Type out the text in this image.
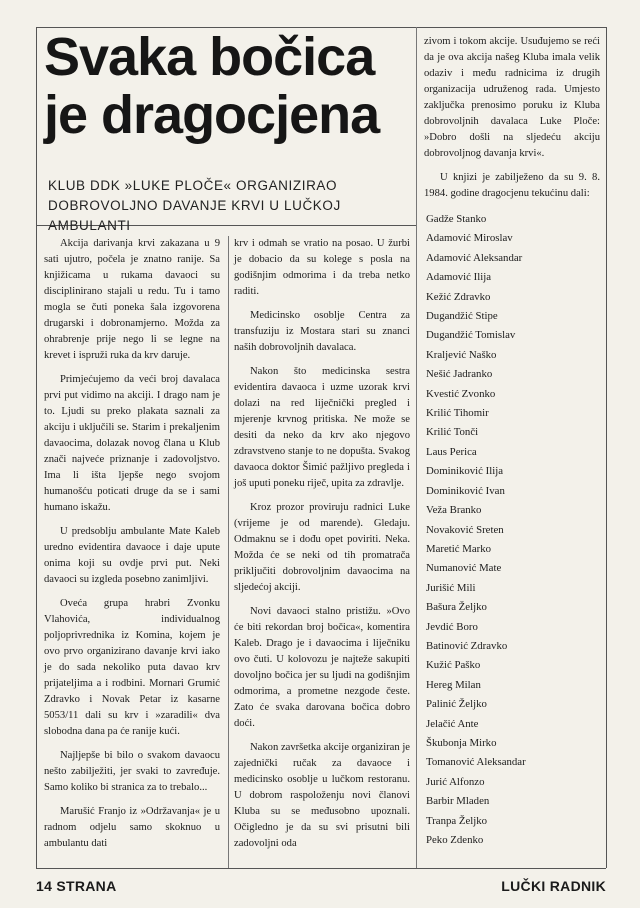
Svaka bočica je dragocjena

KLUB DDK »LUKE PLOČE« ORGANIZIRAO DOBROVOLJNO DAVANJE KRVI U LUČKOJ AMBULANTI

Akcija darivanja krvi zakazana u 9 sati ujutro, počela je znatno ranije. Sa knjižicama u rukama davaoci su disciplinirano stajali u redu. Tu i tamo mogla se čuti poneka šala izgovorena drugarski i dobronamjerno. Možda za ohrabrenje prije nego li se legne na krevet i ispruži ruka da krv daruje.

Primjećujemo da veći broj davalaca prvi put vidimo na akciji. I drago nam je to. Ljudi su preko plakata saznali za akciju i uključili se. Starim i prekaljenim davaocima, dolazak novog člana u Klub znači najveće priznanje i zadovoljstvo. Ima li išta ljepše nego svojom humanošću poticati druge da se i sami humano iskažu.

U predsoblju ambulante Mate Kaleb uredno evidentira davaoce i daje upute onima koji su ovdje prvi put. Neki davaoci su izgleda posebno zanimljivi.

Oveća grupa hrabri Zvonku Vlahovića, individualnog poljoprivrednika iz Komina, kojem je ovo prvo organizirano davanje krvi iako je do sada nekoliko puta davao krv prijateljima a i rodbini. Mornari Grumić Zdravko i Novak Petar iz kasarne 5053/11 dali su krv i »zaradili« dva slobodna dana pa će ranije kući.

Najljepše bi bilo o svakom davaocu nešto zabilježiti, jer svaki to zavređuje. Samo koliko bi stranica za to trebalo...

Marušić Franjo iz »Održavanja« je u radnom odjelu samo skoknuo u ambulantu dati

krv i odmah se vratio na posao. U žurbi je dobacio da su kolege s posla na godišnjim odmorima i da treba netko raditi.

Medicinsko osoblje Centra za transfuziju iz Mostara stari su znanci naših dobrovoljnih davalaca.

Nakon što medicinska sestra evidentira davaoca i uzme uzorak krvi dolazi na red liječnički pregled i mjerenje krvnog pritiska. Ne može se desiti da neko da krv ako njegovo zdravstveno stanje to ne dopušta. Svakog davaoca doktor Šimić pažljivo pregleda i još uputi poneku riječ, upita za zdravlje.

Kroz prozor proviruju radnici Luke (vrijeme je od marende). Gledaju. Odmaknu se i dođu opet poviriti. Neka. Možda će se neki od tih promatrača priključiti dobrovoljnim davaocima na sljedećoj akciji.

Novi davaoci stalno pristižu. »Ovo će biti rekordan broj bočica«, komentira Kaleb. Drago je i davaocima i liječniku ovo čuti. U kolovozu je najteže sakupiti dovoljno bočica jer su ljudi na godišnjim odmorima, a prometne nezgode česte. Zato će svaka darovana bočica dobro doći.

Nakon završetka akcije organiziran je zajednički ručak za davaoce i medicinsko osoblje u lučkom restoranu. U dobrom raspoloženju novi članovi Kluba su se međusobno upoznali. Očigledno je da su svi prisutni bili zadovoljni oda

zivom i tokom akcije. Usuđujemo se reći da je ova akcija našeg Kluba imala velik odaziv i među radnicima iz drugih organizacija udruženog rada. Umjesto zaključka prenosimo poruku iz Kluba dobrovoljnih davalaca Luke Ploče: »Dobro došli na sljedeću akciju dobrovoljnog davanja krvi«.

U knjizi je zabilježeno da su 9. 8. 1984. godine dragocjenu tekućinu dali:

Gadže Stanko
Adamović Miroslav
Adamović Aleksandar
Adamović Ilija
Kežić Zdravko
Dugandžić Stipe
Dugandžić Tomislav
Kraljević Naško
Nešić Jadranko
Kvestić Zvonko
Krilić Tihomir
Krilić Tonči
Laus Perica
Dominiković Ilija
Dominiković Ivan
Veža Branko
Novaković Sreten
Maretić Marko
Numanović Mate
Jurišić Mili
Bašura Željko
Jevdić Boro
Batinović Zdravko
Kužić Paško
Hereg Milan
Palinić Željko
Jelačić Ante
Škubonja Mirko
Tomanović Aleksandar
Jurić Alfonzo
Barbir Mladen
Tranpa Željko
Peko Zdenko

14 STRANA	LUČKI RADNIK
